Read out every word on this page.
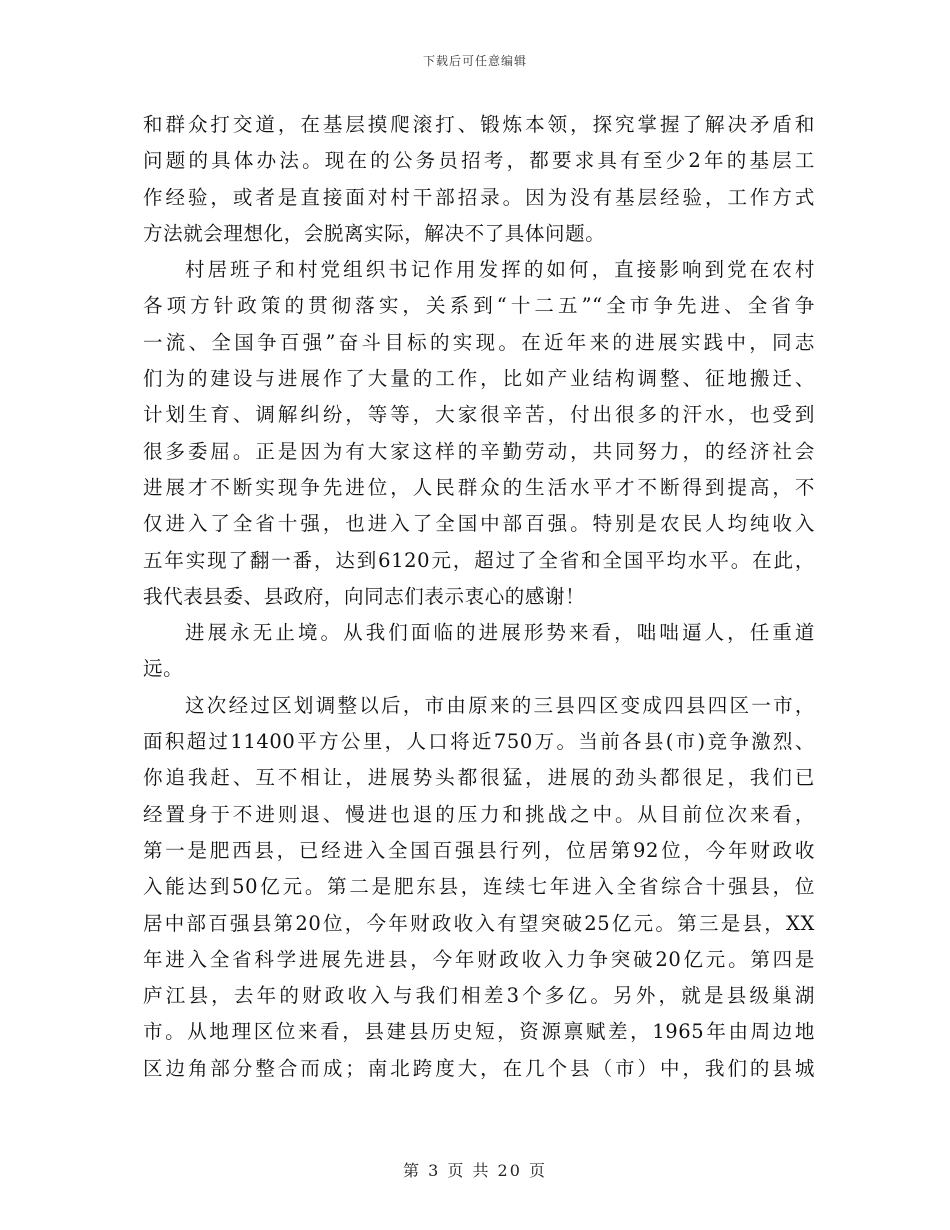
下载后可任意编辑
和群众打交道，在基层摸爬滚打、锻炼本领，探究掌握了解决矛盾和
问题的具体办法。现在的公务员招考，都要求具有至少2年的基层工
作经验，或者是直接面对村干部招录。因为没有基层经验，工作方式
方法就会理想化，会脱离实际，解决不了具体问题。
村居班子和村党组织书记作用发挥的如何，直接影响到党在农村
各项方针政策的贯彻落实，关系到“十二五”“全市争先进、全省争
一流、全国争百强”奋斗目标的实现。在近年来的进展实践中，同志
们为的建设与进展作了大量的工作，比如产业结构调整、征地搬迁、
计划生育、调解纠纷，等等，大家很辛苦，付出很多的汗水，也受到
很多委屈。正是因为有大家这样的辛勤劳动，共同努力，的经济社会
进展才不断实现争先进位，人民群众的生活水平才不断得到提高，不
仅进入了全省十强，也进入了全国中部百强。特别是农民人均纯收入
五年实现了翻一番，达到6120元，超过了全省和全国平均水平。在此，
我代表县委、县政府，向同志们表示衷心的感谢！
进展永无止境。从我们面临的进展形势来看，咄咄逼人，任重道
远。
这次经过区划调整以后，市由原来的三县四区变成四县四区一市，
面积超过11400平方公里，人口将近750万。当前各县(市)竞争激烈、
你追我赶、互不相让，进展势头都很猛，进展的劲头都很足，我们已
经置身于不进则退、慢进也退的压力和挑战之中。从目前位次来看，
第一是肥西县，已经进入全国百强县行列，位居第92位，今年财政收
入能达到50亿元。第二是肥东县，连续七年进入全省综合十强县，位
居中部百强县第20位，今年财政收入有望突破25亿元。第三是县，XX
年进入全省科学进展先进县，今年财政收入力争突破20亿元。第四是
庐江县，去年的财政收入与我们相差3个多亿。另外，就是县级巢湖
市。从地理区位来看，县建县历史短，资源禀赋差，1965年由周边地
区边角部分整合而成；南北跨度大，在几个县（市）中，我们的县城
第 3 页 共 20 页
